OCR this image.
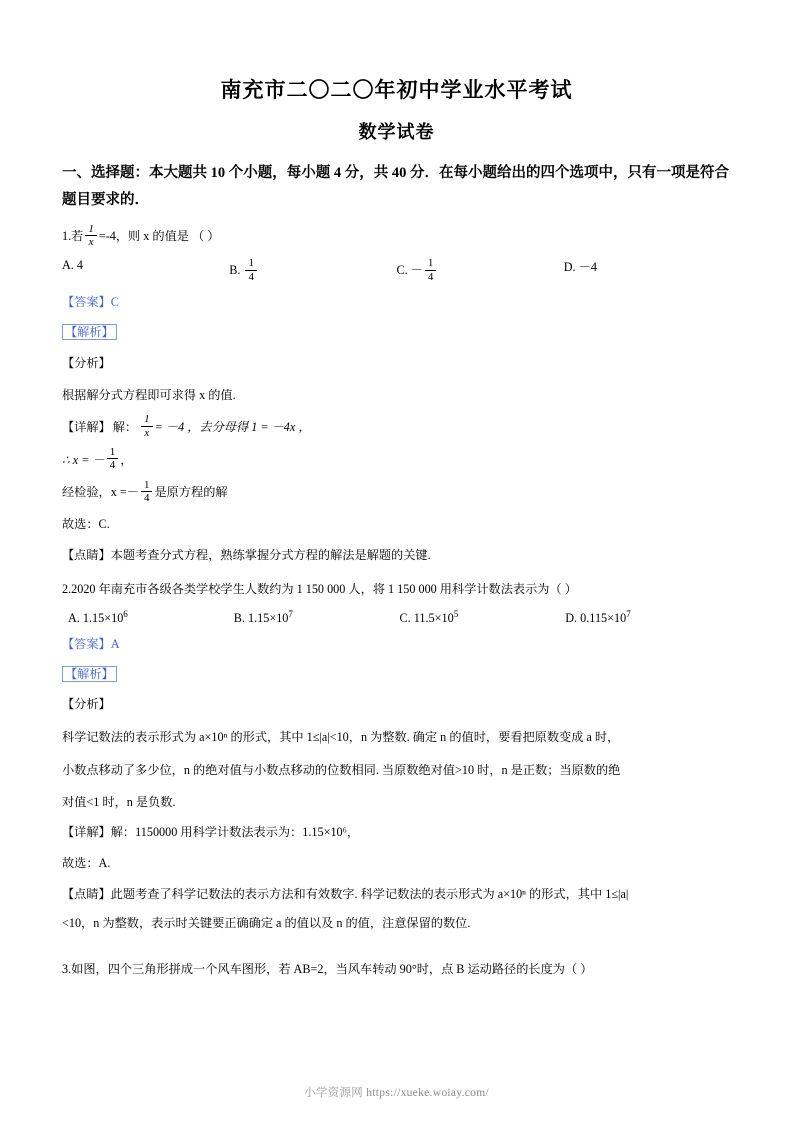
南充市二〇二〇年初中学业水平考试
数学试卷
一、选择题：本大题共 10 个小题，每小题 4 分，共 40 分．在每小题给出的四个选项中，只有一项是符合题目要求的．
1.若 $\frac{1}{x} =-4$，则 x 的值是 （ ）
A. 4	B. $\frac{1}{4}$	C. － $\frac{1}{4}$	D. －4
【答案】C
【解析】
【分析】
根据解分式方程即可求得 x 的值.
【详解】 解： $\frac{1}{x} = -4$ ，去分母得 1 = －4x ，
∴ x = － $\frac{1}{4}$ ，
经检验，$x =- \frac{1}{4}$ 是原方程的解
故选：C.
【点睛】本题考查分式方程，熟练掌握分式方程的解法是解题的关键.
2.2020 年南充市各级各类学校学生人数约为 1 150 000 人，将 1 150 000 用科学计数法表示为（ ）
A. $1.15\times 10^6$	B. $1.15\times 10^7$	C. $11.5\times 10^5$	D. $0.115\times 10^7$
【答案】A
【解析】
【分析】
科学记数法的表示形式为 a×10ⁿ 的形式，其中 1≤|a|<10，n 为整数. 确定 n 的值时，要看把原数变成 a 时，
小数点移动了多少位，n 的绝对值与小数点移动的位数相同. 当原数绝对值>10 时，n 是正数；当原数的绝
对值<1 时，n 是负数.
【详解】解：1150000 用科学计数法表示为：1.15×10⁶，
故选：A.
【点睛】此题考查了科学记数法的表示方法和有效数字. 科学记数法的表示形式为 a×10ⁿ 的形式，其中 1≤|a|
<10，n 为整数，表示时关键要正确确定 a 的值以及 n 的值，注意保留的数位.
3.如图，四个三角形拼成一个风车图形，若 AB=2，当风车转动 90°时，点 B 运动路径的长度为（ ）
小学资源网 https://xueke.woiay.com/
